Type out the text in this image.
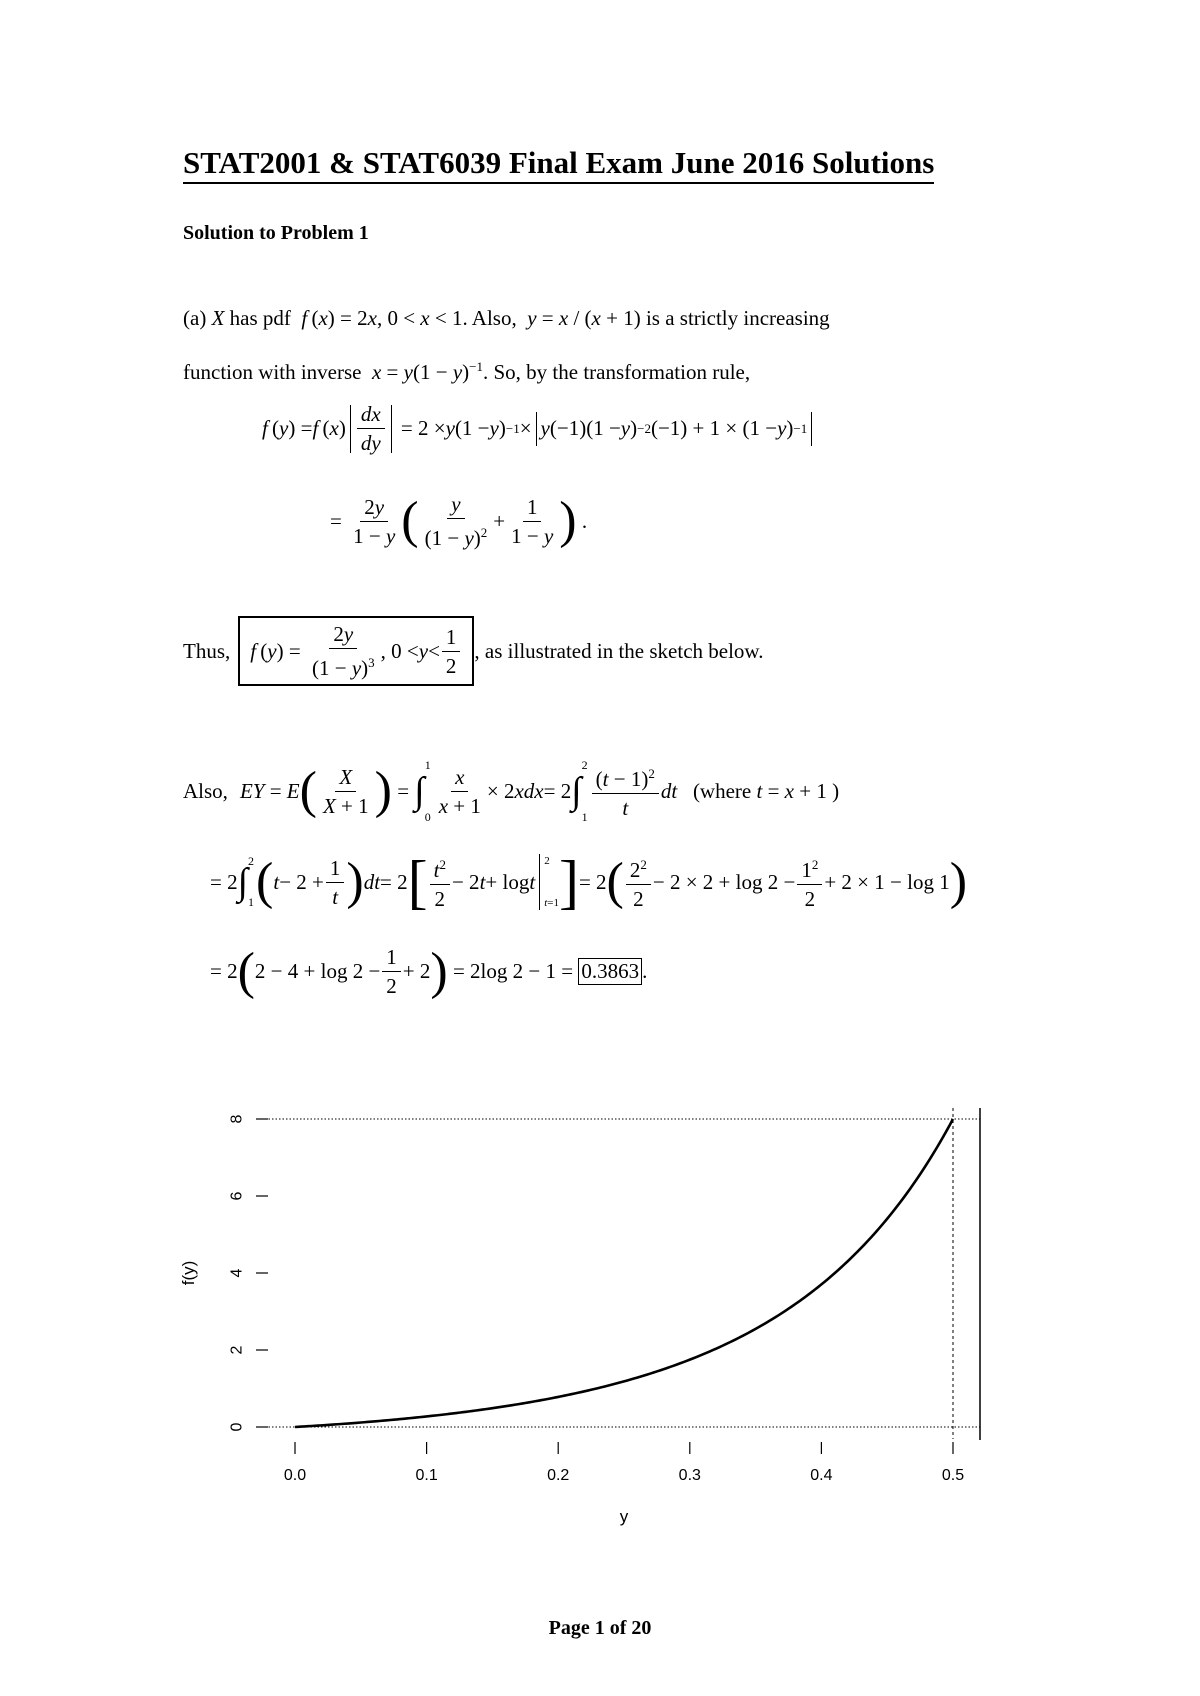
STAT2001 & STAT6039 Final Exam June 2016 Solutions
Solution to Problem 1
(a) X has pdf f (x) = 2x, 0 < x < 1. Also, y = x / (x + 1) is a strictly increasing
function with inverse $x = y(1 - y)^{-1}$. So, by the transformation rule,
f  ( y ) = f  ( x ) $\frac{dx}{dy} = 2 \times y$ (1 − y ) −1 × y (−1)(1 − y ) −2 (−1) + 1 × (1 − y ) −1
= $\frac{2y}{1 - y}$ ( $\frac{y}{(1 - y)^2} + \frac{1}{1 - y}$ ) .
Thus, f  ( y ) = $\frac{2y}{(1 - y)^3}$ , $0 < y < \frac{1}{2}$ , as illustrated in the sketch below.
Also, EY = E ( $\frac{X}{X + 1}$ ) = ∫
1
$0 \frac{x}{x + 1} \times 2$ xdx = 2 ∫
2
$1 \frac{(t - 1)^2}{t}$ dt
(where t = x + 1 )
= 2 ∫ 2
1 ( $t - 2 + \frac{1}{t}$ ) dt = 2 [ $\frac{t^2}{2} - 2$ t + log t
2
t=1 ] = 2 ( $\frac{2^2}{2} - 2 \times 2 + \log 2 - \frac{1^2}{2} + 2 \times 1 - \log 1$ )
= 2 ( $2 - 4 + \log 2 - \frac{1}{2} + 2$ ) = 2log 2 − 1 = 0.3863 .
0.0	0.1	0.2	0.3	0.4	0.5
0
2
4
6
8
y
f(y)
Page 1 of 20
